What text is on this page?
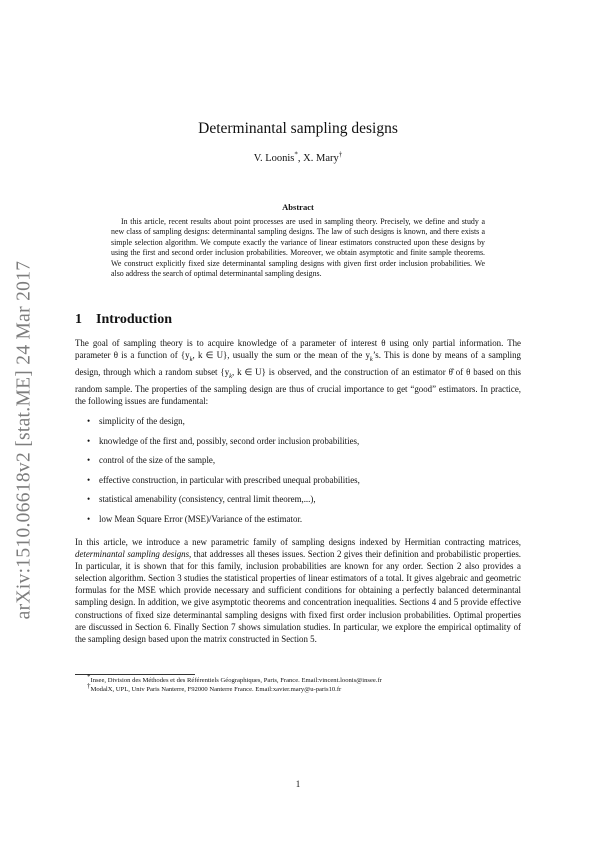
arXiv:1510.06618v2 [stat.ME] 24 Mar 2017
Determinantal sampling designs
V. Loonis*, X. Mary†
Abstract

In this article, recent results about point processes are used in sampling theory. Precisely, we define and study a new class of sampling designs: determinantal sampling designs. The law of such designs is known, and there exists a simple selection algorithm. We compute exactly the variance of linear estimators constructed upon these designs by using the first and second order inclusion probabilities. Moreover, we obtain asymptotic and finite sample theorems. We construct explicitly fixed size determinantal sampling designs with given first order inclusion probabilities. We also address the search of optimal determinantal sampling designs.

1 Introduction

The goal of sampling theory is to acquire knowledge of a parameter of interest θ using only partial information. The parameter θ is a function of {$y_k$, k ∈ U}, usually the sum or the mean of the $y_k’s$. This is done by means of a sampling design, through which a random subset {$y_k$, k ∈ U} is observed, and the construction of an estimator θ̂ of θ based on this random sample. The properties of the sampling design are thus of crucial importance to get “good” estimators. In practice, the following issues are fundamental:

• simplicity of the design,
• knowledge of the first and, possibly, second order inclusion probabilities,
• control of the size of the sample,
• effective construction, in particular with prescribed unequal probabilities,
• statistical amenability (consistency, central limit theorem,...),
• low Mean Square Error (MSE)/Variance of the estimator.

In this article, we introduce a new parametric family of sampling designs indexed by Hermitian contracting matrices, determinantal sampling designs, that addresses all theses issues. Section 2 gives their definition and probabilistic properties. In particular, it is shown that for this family, inclusion probabilities are known for any order. Section 2 also provides a selection algorithm. Section 3 studies the statistical properties of linear estimators of a total. It gives algebraic and geometric formulas for the MSE which provide necessary and sufficient conditions for obtaining a perfectly balanced determinantal sampling design. In addition, we give asymptotic theorems and concentration inequalities. Sections 4 and 5 provide effective constructions of fixed size determinantal sampling designs with fixed first order inclusion probabilities. Optimal properties are discussed in Section 6. Finally Section 7 shows simulation studies. In particular, we explore the empirical optimality of the sampling design based upon the matrix constructed in Section 5.

*Insee, Division des Méthodes et des Référentiels Géographiques, Paris, France. Email:vincent.loonis@insee.fr
†ModalX, UPL, Univ Paris Nanterre, F92000 Nanterre France. Email:xavier.mary@u-paris10.fr
1
